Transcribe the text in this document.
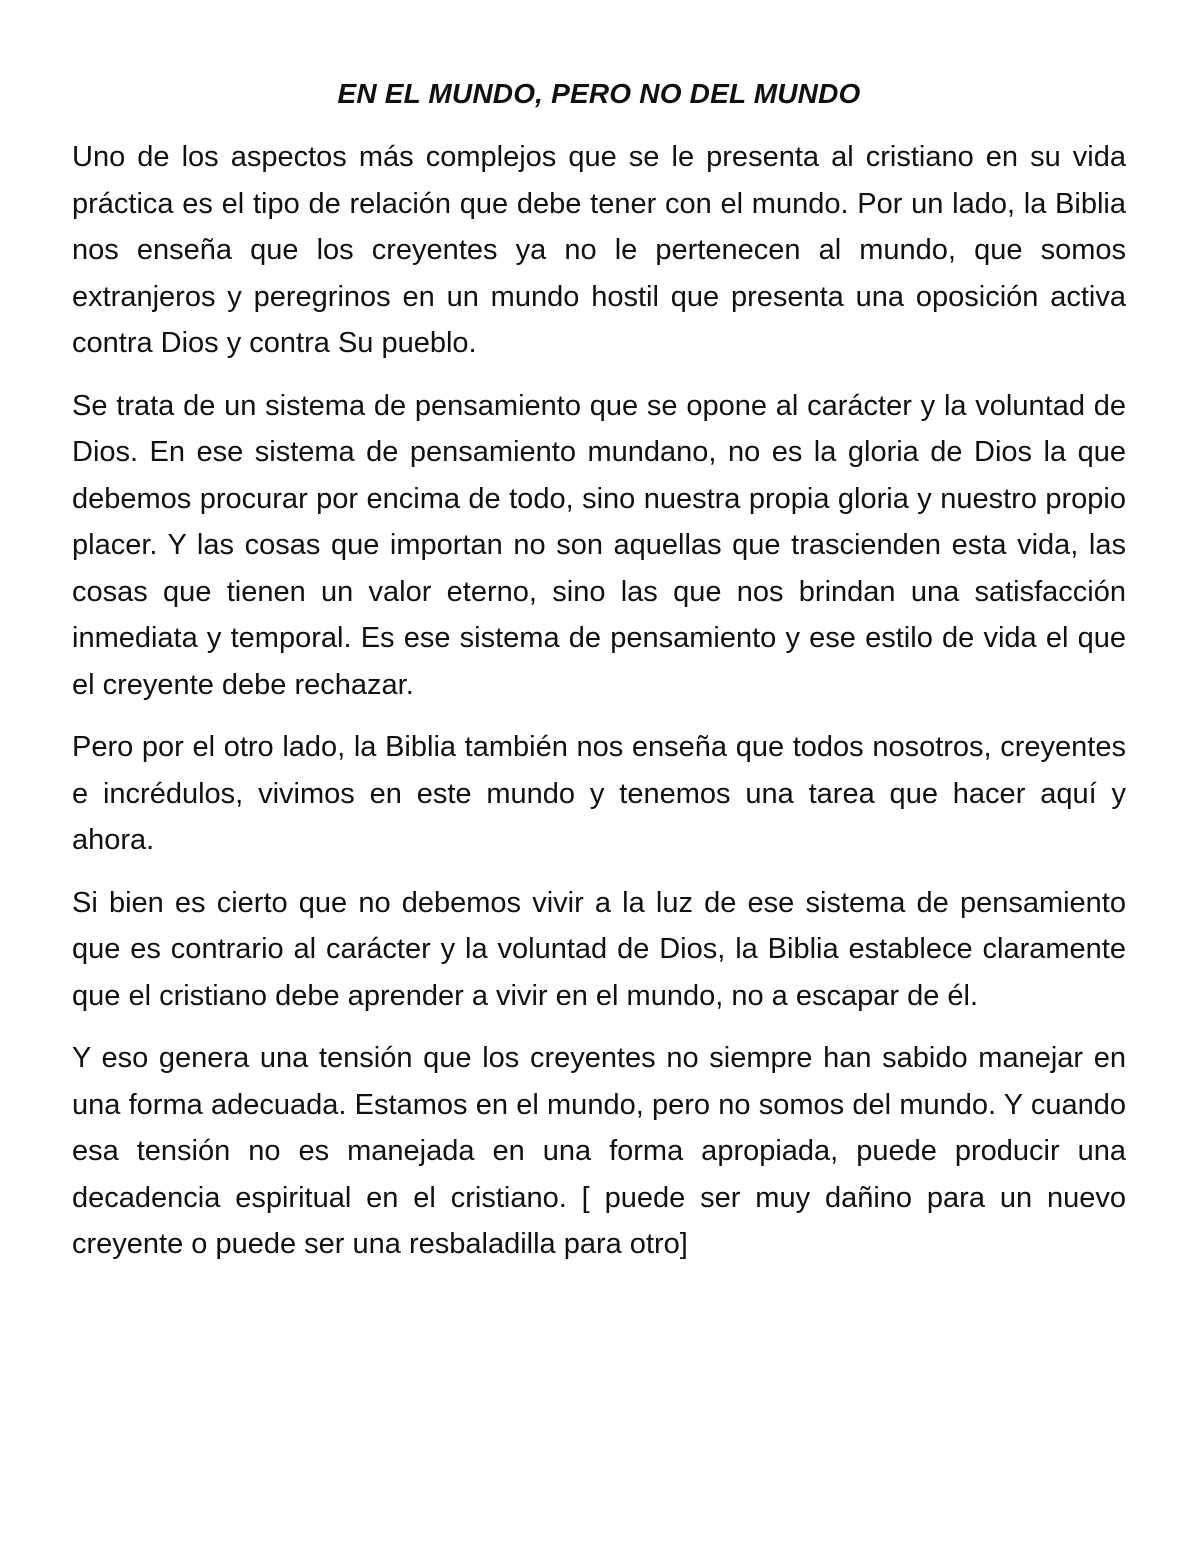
EN EL MUNDO, PERO NO DEL MUNDO

Uno de los aspectos más complejos que se le presenta al cristiano en su vida práctica es el tipo de relación que debe tener con el mundo. Por un lado, la Biblia nos enseña que los creyentes ya no le pertenecen al mundo, que somos extranjeros y peregrinos en un mundo hostil que presenta una oposición activa contra Dios y contra Su pueblo.

Se trata de un sistema de pensamiento que se opone al carácter y la voluntad de Dios. En ese sistema de pensamiento mundano, no es la gloria de Dios la que debemos procurar por encima de todo, sino nuestra propia gloria y nuestro propio placer. Y las cosas que importan no son aquellas que trascienden esta vida, las cosas que tienen un valor eterno, sino las que nos brindan una satisfacción inmediata y temporal. Es ese sistema de pensamiento y ese estilo de vida el que el creyente debe rechazar.

Pero por el otro lado, la Biblia también nos enseña que todos nosotros, creyentes e incrédulos, vivimos en este mundo y tenemos una tarea que hacer aquí y ahora.

Si bien es cierto que no debemos vivir a la luz de ese sistema de pensamiento que es contrario al carácter y la voluntad de Dios, la Biblia establece claramente que el cristiano debe aprender a vivir en el mundo, no a escapar de él.

Y eso genera una tensión que los creyentes no siempre han sabido manejar en una forma adecuada. Estamos en el mundo, pero no somos del mundo. Y cuando esa tensión no es manejada en una forma apropiada, puede producir una decadencia espiritual en el cristiano. [ puede ser muy dañino para un nuevo creyente o puede ser una resbaladilla para otro]
